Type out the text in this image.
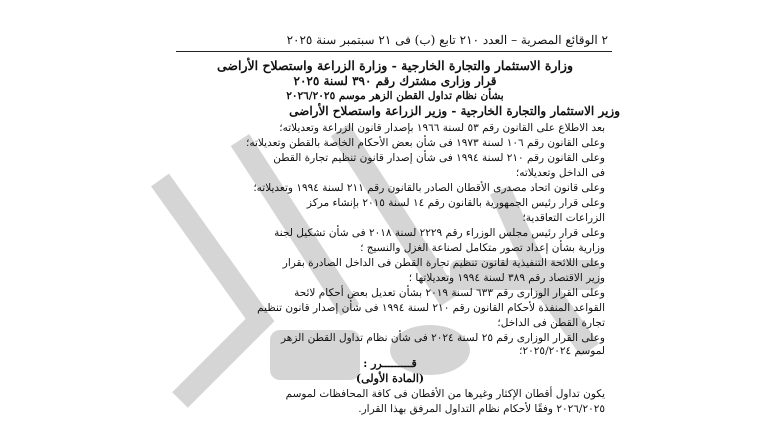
٢ الوقائع المصرية – العدد ٢١٠ تابع (ب) فى ٢١ سبتمبر سنة ٢٠٢٥
وزارة الاستثمار والتجارة الخارجية - وزارة الزراعة واستصلاح الأراضى
قرار وزارى مشترك رقم ٣٩٠ لسنة ٢٠٢٥
بشأن نظام تداول القطن الزهر موسم ٢٠٢٦/٢٠٢٥
وزير الاستثمار والتجارة الخارجية - وزير الزراعة واستصلاح الأراضى
بعد الاطلاع على القانون رقم ٥٣ لسنة ١٩٦٦ بإصدار قانون الزراعة وتعديلاته؛
وعلى القانون رقم ١٠٦ لسنة ١٩٧٣ فى شأن بعض الأحكام الخاصة بالقطن وتعديلاته؛
وعلى القانون رقم ٢١٠ لسنة ١٩٩٤ فى شأن إصدار قانون تنظيم تجارة القطن
فى الداخل وتعديلاته؛
وعلى قانون اتحاد مصدرى الأقطان الصادر بالقانون رقم ٢١١ لسنة ١٩٩٤ وتعديلاته؛
وعلى قرار رئيس الجمهورية بالقانون رقم ١٤ لسنة ٢٠١٥ بإنشاء مركز
الزراعات التعاقدية؛
وعلى قرار رئيس مجلس الوزراء رقم ٢٢٢٩ لسنة ٢٠١٨ فى شأن تشكيل لجنة
وزارية بشأن إعداد تصور متكامل لصناعة الغزل والنسيج ؛
وعلى اللائحة التنفيذية لقانون تنظيم تجارة القطن فى الداخل الصادرة بقرار
وزير الاقتصاد رقم ٣٨٩ لسنة ١٩٩٤ وتعديلاتها ؛
وعلى القرار الوزارى رقم ٦٣٣ لسنة ٢٠١٩ بشأن تعديل بعض أحكام لائحة
القواعد المنفذة لأحكام القانون رقم ٢١٠ لسنة ١٩٩٤ فى شأن إصدار قانون تنظيم
تجارة القطن فى الداخل؛
وعلى القرار الوزارى رقم ٢٥ لسنة ٢٠٢٤ فى شأن نظام تداول القطن الزهر
لموسم ٢٠٢٥/٢٠٢٤؛
قـــــــــرر :
(المادة الأولى)
يكون تداول أقطان الإكثار وغيرها من الأقطان فى كافة المحافظات لموسم
٢٠٢٦/٢٠٢٥ وفقًا لأحكام نظام التداول المرفق بهذا القرار.
